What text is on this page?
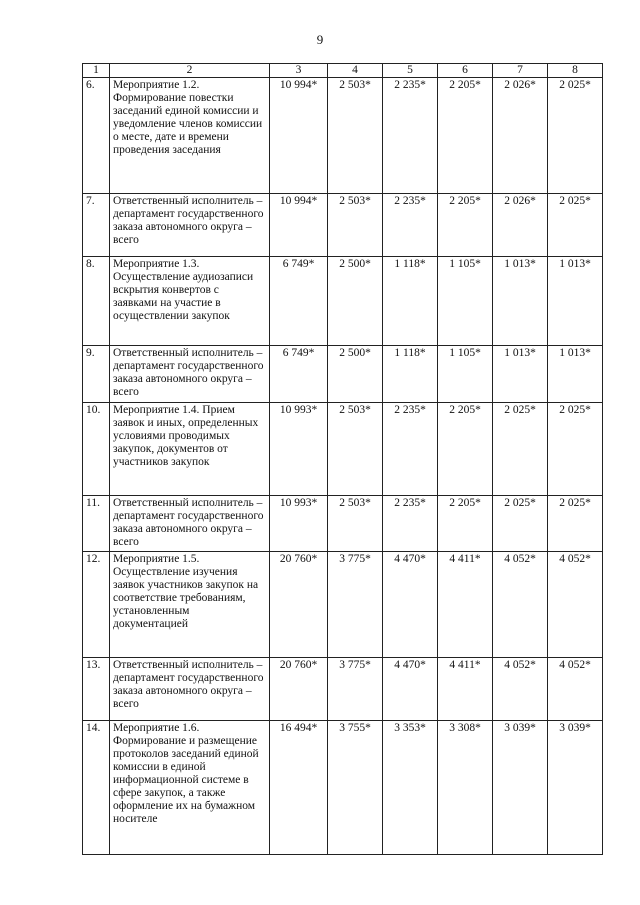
9
1	2	3	4	5	6	7	8
6.	Мероприятие 1.2. Формирование повестки заседаний единой комиссии и уведомление членов комиссии о месте, дате и времени проведения заседания	10 994*	2 503*	2 235*	2 205*	2 026*	2 025*
7.	Ответственный исполнитель – департамент государственного заказа автономного округа – всего	10 994*	2 503*	2 235*	2 205*	2 026*	2 025*
8.	Мероприятие 1.3. Осуществление аудиозаписи вскрытия конвертов с заявками на участие в осуществлении закупок	6 749*	2 500*	1 118*	1 105*	1 013*	1 013*
9.	Ответственный исполнитель – департамент государственного заказа автономного округа – всего	6 749*	2 500*	1 118*	1 105*	1 013*	1 013*
10.	Мероприятие 1.4. Прием заявок и иных, определенных условиями проводимых закупок, документов от участников закупок	10 993*	2 503*	2 235*	2 205*	2 025*	2 025*
11.	Ответственный исполнитель – департамент государственного заказа автономного округа – всего	10 993*	2 503*	2 235*	2 205*	2 025*	2 025*
12.	Мероприятие 1.5. Осуществление изучения заявок участников закупок на соответствие требованиям, установленным документацией	20 760*	3 775*	4 470*	4 411*	4 052*	4 052*
13.	Ответственный исполнитель – департамент государственного заказа автономного округа – всего	20 760*	3 775*	4 470*	4 411*	4 052*	4 052*
14.	Мероприятие 1.6. Формирование и размещение протоколов заседаний единой комиссии в единой информационной системе в сфере закупок, а также оформление их на бумажном носителе	16 494*	3 755*	3 353*	3 308*	3 039*	3 039*
